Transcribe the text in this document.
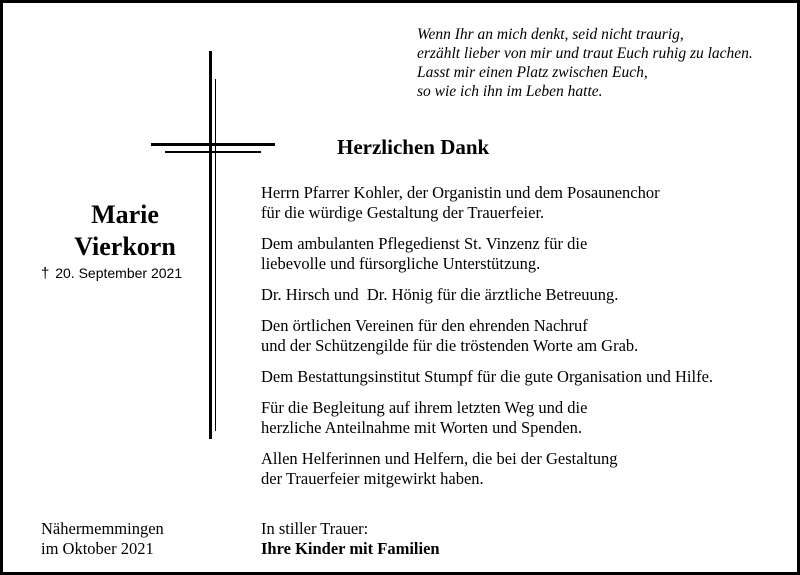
Wenn Ihr an mich denkt, seid nicht traurig,
erzählt lieber von mir und traut Euch ruhig zu lachen.
Lasst mir einen Platz zwischen Euch,
so wie ich ihn im Leben hatte.
Marie
Vierkorn
† 20. September 2021
Herzlichen Dank
Herrn Pfarrer Kohler, der Organistin und dem Posaunenchor
für die würdige Gestaltung der Trauerfeier.
Dem ambulanten Pflegedienst St. Vinzenz für die
liebevolle und fürsorgliche Unterstützung.
Dr. Hirsch und  Dr. Hönig für die ärztliche Betreuung.
Den örtlichen Vereinen für den ehrenden Nachruf
und der Schützengilde für die tröstenden Worte am Grab.
Dem Bestattungsinstitut Stumpf für die gute Organisation und Hilfe.
Für die Begleitung auf ihrem letzten Weg und die
herzliche Anteilnahme mit Worten und Spenden.
Allen Helferinnen und Helfern, die bei der Gestaltung
der Trauerfeier mitgewirkt haben.
Nähermemmingen
im Oktober 2021
In stiller Trauer:
Ihre Kinder mit Familien
